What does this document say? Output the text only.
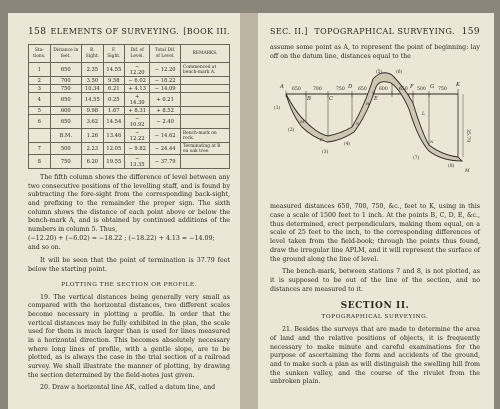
158 ELEMENTS OF SURVEYING. [BOOK III.
Sta- tions.	Distance in feet.	B. Sight.	F. Sight.	Dif. of Level.	Total Dif. of Level.	REMARKS.
1	650	2.35	14.55	− 12.20	− 12.20	Commenced at bench-mark A.
2	700	3.50	9.58	− 6.02	− 18.22	
3	750	10.34	6.21	+ 4.13	− 14.09	
4	650	14.55	0.25	+ 14.30	+ 0.21	
5	600	9.98	1.67	+ 8.31	+ 8.52	
6	650	3.62	14.54	− 10.92	− 2.40	
	B.M.	1.26	13.46	− 12.22	− 14.62	Bench-mark on rock.
7	500	2.23	12.05	− 9.82	− 24.44	Terminating at B on oak tree.
8	750	6.20	19.55	− 13.35	− 37.79	

The fifth column shows the difference of level between any two consecutive positions of the levelling staff, and is found by subtracting the fore-sight from the corresponding back-sight, and prefixing to the remainder the proper sign. The sixth column shows the distance of each point above or below the bench-mark A, and is obtained by continued additions of the numbers in column 5. Thus,

(−12.20) + (−6.02) = −18.22 ; (−18.22) + 4.13 = −14.09;

and so on.

It will be seen that the point of termination is 37.79 feet below the starting point.

PLOTTING THE SECTION OR PROFILE.

19. The vertical distances being generally very small as compared with the horizontal distances, two different scales become necessary in plotting a profile. In order that the vertical distances may be fully exhibited in the plan, the scale used for them is much larger than is used for lines measured in a horizontal direction. This becomes absolutely necessary where long lines of profile, with a gentle slope, are to be plotted, as is always the case in the trial section of a railroad survey. We shall illustrate the manner of plotting, by drawing the section determined by the field-notes just given.

20. Draw a horizontal line AK, called a datum line, and

SEC. II.] TOPOGRAPHICAL SURVEYING. 159

assume some point as A, to represent the point of beginning: lay off on the datum line, distances equal to the

650	700	750	650	600 650 500	750
A
B	C
D
E
F	G	K
(1)
(2)
(3)
(4)
(5)	(6)
(7)
(8)
L
M
M
P
S
H
N	35.79

measured distances 650, 700, 750, &c., feet to K, using in this case a scale of 1500 feet to 1 inch. At the points B, C, D, E, &c., thus determined, erect perpendiculars, making them equal, on a scale of 25 feet to the inch, to the corresponding differences of level taken from the field-book; through the points thus found, draw the irregular line APLM, and it will represent the surface of the ground along the line of level.

The bench-mark, between stations 7 and 8, is not plotted, as it is supposed to be out of the line of the section, and no distances are measured to it.

SECTION II.
TOPOGRAPHICAL SURVEYING.

21. Besides the surveys that are made to determine the area of land and the relative positions of objects, it is frequently necessary to make minute and careful examinations for the purpose of ascertaining the form and accidents of the ground, and to make such a plan as will distinguish the swelling hill from the sunken valley, and the course of the rivulet from the unbroken plain.
